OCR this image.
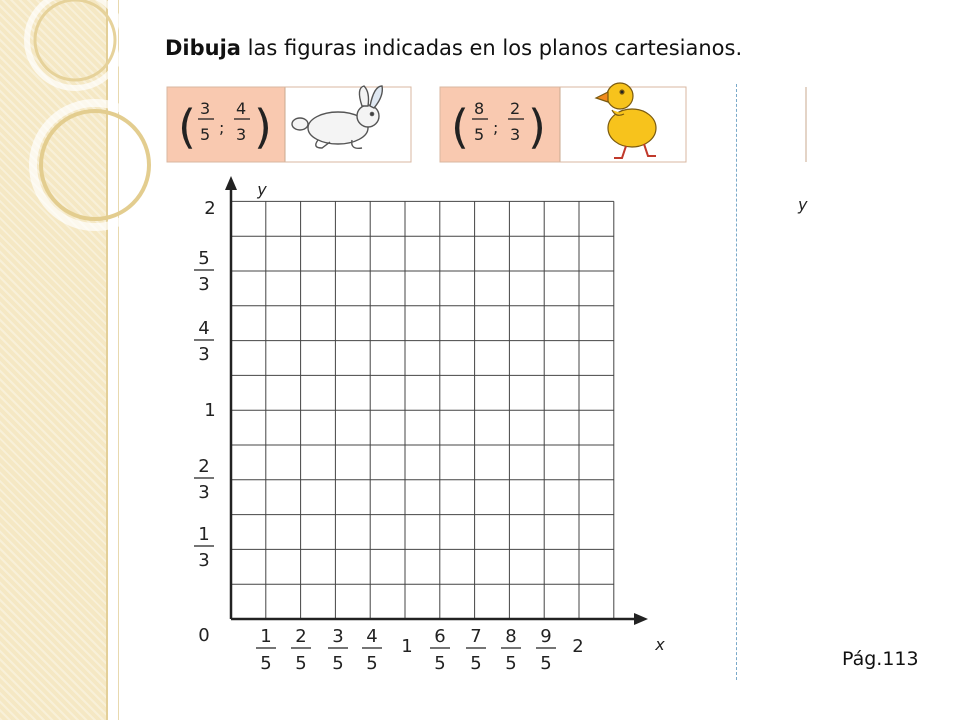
Dibuja las figuras indicadas en los planos cartesianos.
( 3
5 ;
4
3 )	( 8
5 ;
2
3 )
y
y
x
0
2
5
3
4
3
1
2
3
1
3
1
5
2
5
3
5
4
5
1 6
5
7
5
8
5
9
5
2
Pág.113
